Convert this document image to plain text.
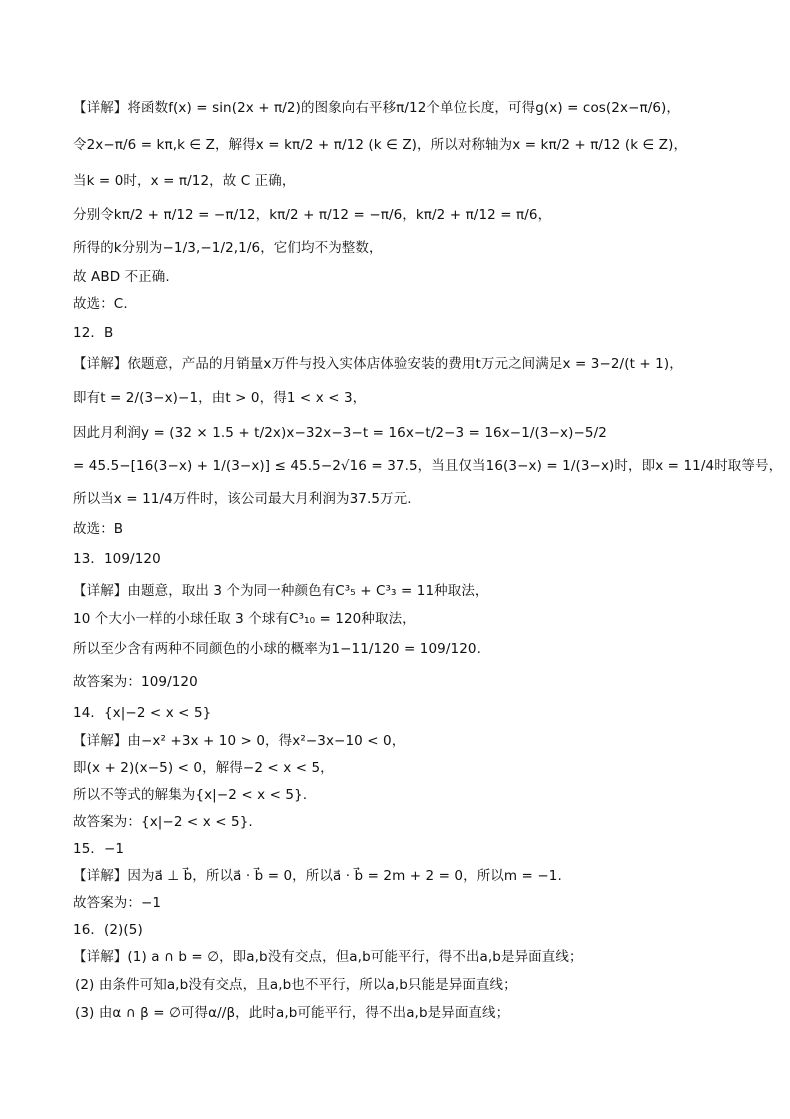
【详解】将函数f(x) = sin(2x + π/2)的图象向右平移π/12个单位长度，可得g(x) = cos(2x−π/6)，
令2x−π/6 = kπ,k ∈ Z，解得x = kπ/2 + π/12 (k ∈ Z)，所以对称轴为x = kπ/2 + π/12 (k ∈ Z)，
当k = 0时，x = π/12，故 C 正确，
分别令kπ/2 + π/12 = −π/12，kπ/2 + π/12 = −π/6，kπ/2 + π/12 = π/6，
所得的k分别为−1/3,−1/2,1/6，它们均不为整数，
故 ABD 不正确.
故选：C.
12．B
【详解】依题意，产品的月销量x万件与投入实体店体验安装的费用t万元之间满足x = 3−2/(t + 1)，
即有t = 2/(3−x)−1，由t > 0，得1 < x < 3，
因此月利润y = (32 × 1.5 + t/2x)x−32x−3−t = 16x−t/2−3 = 16x−1/(3−x)−5/2
= 45.5−[16(3−x) + 1/(3−x)] ≤ 45.5−2√16 = 37.5，当且仅当16(3−x) = 1/(3−x)时，即x = 11/4时取等号，
所以当x = 11/4万件时，该公司最大月利润为37.5万元.
故选：B
13．109/120
【详解】由题意，取出 3 个为同一种颜色有C³₅ + C³₃ = 11种取法，
10 个大小一样的小球任取 3 个球有C³₁₀ = 120种取法，
所以至少含有两种不同颜色的小球的概率为1−11/120 = 109/120.
故答案为：109/120
14．{x|−2 < x < 5}
【详解】由−x² +3x + 10 > 0，得x²−3x−10 < 0，
即(x + 2)(x−5) < 0，解得−2 < x < 5，
所以不等式的解集为{x|−2 < x < 5}.
故答案为：{x|−2 < x < 5}.
15．−1
【详解】因为a⃗ ⊥ b⃗，所以a⃗ · b⃗ = 0，所以a⃗ · b⃗ = 2m + 2 = 0，所以m = −1.
故答案为：−1
16．(2)(5)
【详解】(1) a ∩ b = ∅，即a,b没有交点，但a,b可能平行，得不出a,b是异面直线；
(2) 由条件可知a,b没有交点，且a,b也不平行，所以a,b只能是异面直线；
(3) 由α ∩ β = ∅可得α//β，此时a,b可能平行，得不出a,b是异面直线；
